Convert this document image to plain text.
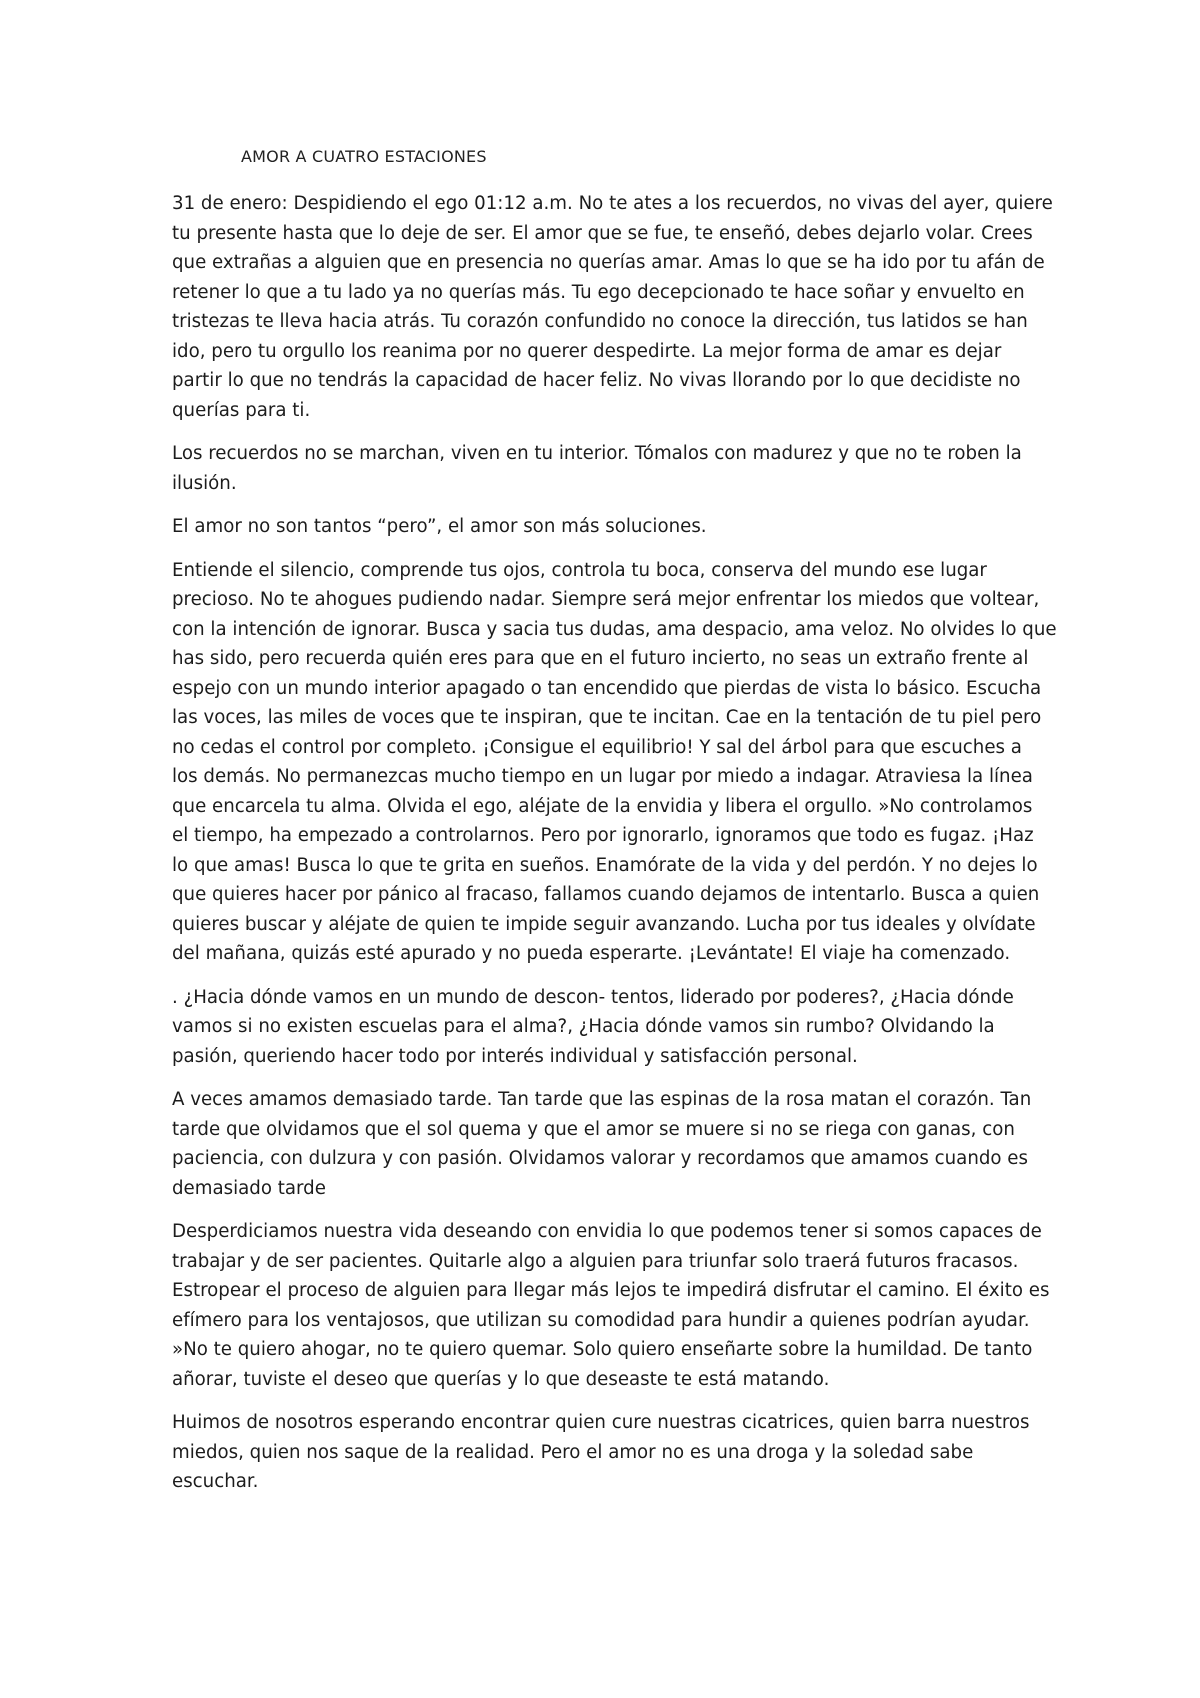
AMOR A CUATRO ESTACIONES

31 de enero: Despidiendo el ego 01:12 a.m. No te ates a los recuerdos, no vivas del ayer, quiere
tu presente hasta que lo deje de ser. El amor que se fue, te enseñó, debes dejarlo volar. Crees
que extrañas a alguien que en presencia no querías amar. Amas lo que se ha ido por tu afán de
retener lo que a tu lado ya no querías más. Tu ego decepcionado te hace soñar y envuelto en
tristezas te lleva hacia atrás. Tu corazón confundido no conoce la dirección, tus latidos se han
ido, pero tu orgullo los reanima por no querer despedirte. La mejor forma de amar es dejar
partir lo que no tendrás la capacidad de hacer feliz. No vivas llorando por lo que decidiste no
querías para ti.

Los recuerdos no se marchan, viven en tu interior. Tómalos con madurez y que no te roben la
ilusión.

El amor no son tantos “pero”, el amor son más soluciones.

Entiende el silencio, comprende tus ojos, controla tu boca, conserva del mundo ese lugar
precioso. No te ahogues pudiendo nadar. Siempre será mejor enfrentar los miedos que voltear,
con la intención de ignorar. Busca y sacia tus dudas, ama despacio, ama veloz. No olvides lo que
has sido, pero recuerda quién eres para que en el futuro incierto, no seas un extraño frente al
espejo con un mundo interior apagado o tan encendido que pierdas de vista lo básico. Escucha
las voces, las miles de voces que te inspiran, que te incitan. Cae en la tentación de tu piel pero
no cedas el control por completo. ¡Consigue el equilibrio! Y sal del árbol para que escuches a
los demás. No permanezcas mucho tiempo en un lugar por miedo a indagar. Atraviesa la línea
que encarcela tu alma. Olvida el ego, aléjate de la envidia y libera el orgullo. »No controlamos
el tiempo, ha empezado a controlarnos. Pero por ignorarlo, ignoramos que todo es fugaz. ¡Haz
lo que amas! Busca lo que te grita en sueños. Enamórate de la vida y del perdón. Y no dejes lo
que quieres hacer por pánico al fracaso, fallamos cuando dejamos de intentarlo. Busca a quien
quieres buscar y aléjate de quien te impide seguir avanzando. Lucha por tus ideales y olvídate
del mañana, quizás esté apurado y no pueda esperarte. ¡Levántate! El viaje ha comenzado.

. ¿Hacia dónde vamos en un mundo de descon- tentos, liderado por poderes?, ¿Hacia dónde
vamos si no existen escuelas para el alma?, ¿Hacia dónde vamos sin rumbo? Olvidando la
pasión, queriendo hacer todo por interés individual y satisfacción personal.

A veces amamos demasiado tarde. Tan tarde que las espinas de la rosa matan el corazón. Tan
tarde que olvidamos que el sol quema y que el amor se muere si no se riega con ganas, con
paciencia, con dulzura y con pasión. Olvidamos valorar y recordamos que amamos cuando es
demasiado tarde

Desperdiciamos nuestra vida deseando con envidia lo que podemos tener si somos capaces de
trabajar y de ser pacientes. Quitarle algo a alguien para triunfar solo traerá futuros fracasos.
Estropear el proceso de alguien para llegar más lejos te impedirá disfrutar el camino. El éxito es
efímero para los ventajosos, que utilizan su comodidad para hundir a quienes podrían ayudar.
»No te quiero ahogar, no te quiero quemar. Solo quiero enseñarte sobre la humildad. De tanto
añorar, tuviste el deseo que querías y lo que deseaste te está matando.

Huimos de nosotros esperando encontrar quien cure nuestras cicatrices, quien barra nuestros
miedos, quien nos saque de la realidad. Pero el amor no es una droga y la soledad sabe
escuchar.
